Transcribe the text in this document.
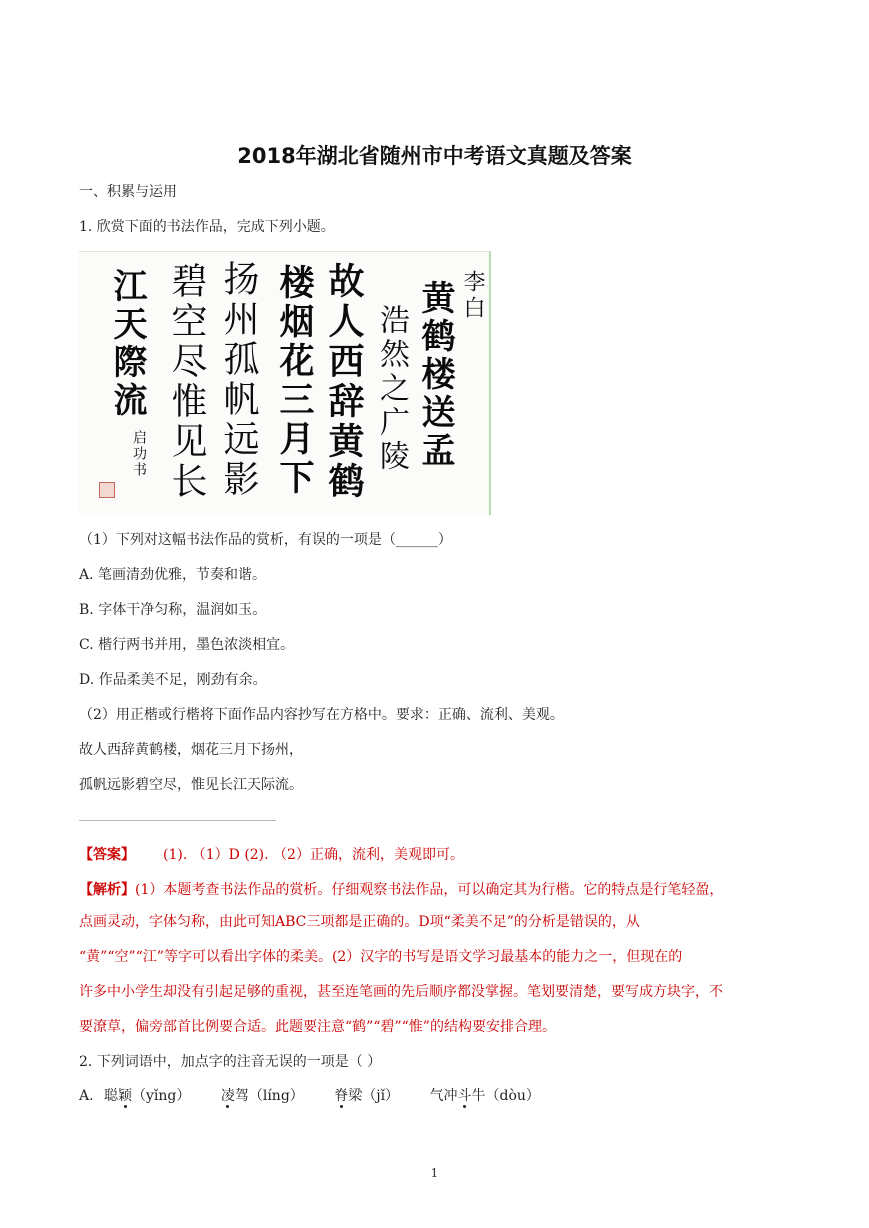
2018年湖北省随州市中考语文真题及答案
一、积累与运用
1. 欣赏下面的书法作品，完成下列小题。
李白
黄鹤楼送孟
浩然之广陵
故人西辞黄鹤
楼烟花三月下
扬州孤帆远影
碧空尽惟见长
江天際流
启功书
（1）下列对这幅书法作品的赏析，有误的一项是（______）
A. 笔画清劲优雅，节奏和谐。
B. 字体干净匀称，温润如玉。
C. 楷行两书并用，墨色浓淡相宜。
D. 作品柔美不足，刚劲有余。
（2）用正楷或行楷将下面作品内容抄写在方格中。要求：正确、流利、美观。
故人西辞黄鹤楼，烟花三月下扬州，
孤帆远影碧空尽，惟见长江天际流。
【答案】 (1). （1）D (2). （2）正确，流利，美观即可。
【解析】(1）本题考查书法作品的赏析。仔细观察书法作品，可以确定其为行楷。它的特点是行笔轻盈，
点画灵动，字体匀称，由此可知ABC三项都是正确的。D项“柔美不足”的分析是错误的，从
“黄”“空”“江”等字可以看出字体的柔美。(2）汉字的书写是语文学习最基本的能力之一，但现在的
许多中小学生却没有引起足够的重视，甚至连笔画的先后顺序都没掌握。笔划要清楚，要写成方块字，不
要潦草，偏旁部首比例要合适。此题要注意“鹤”“碧”“惟”的结构要安排合理。
2. 下列词语中，加点字的注音无误的一项是（ ）
A. 聪颖（yǐng） 凌驾（líng） 脊梁（jǐ） 气冲斗牛（dòu）
1
